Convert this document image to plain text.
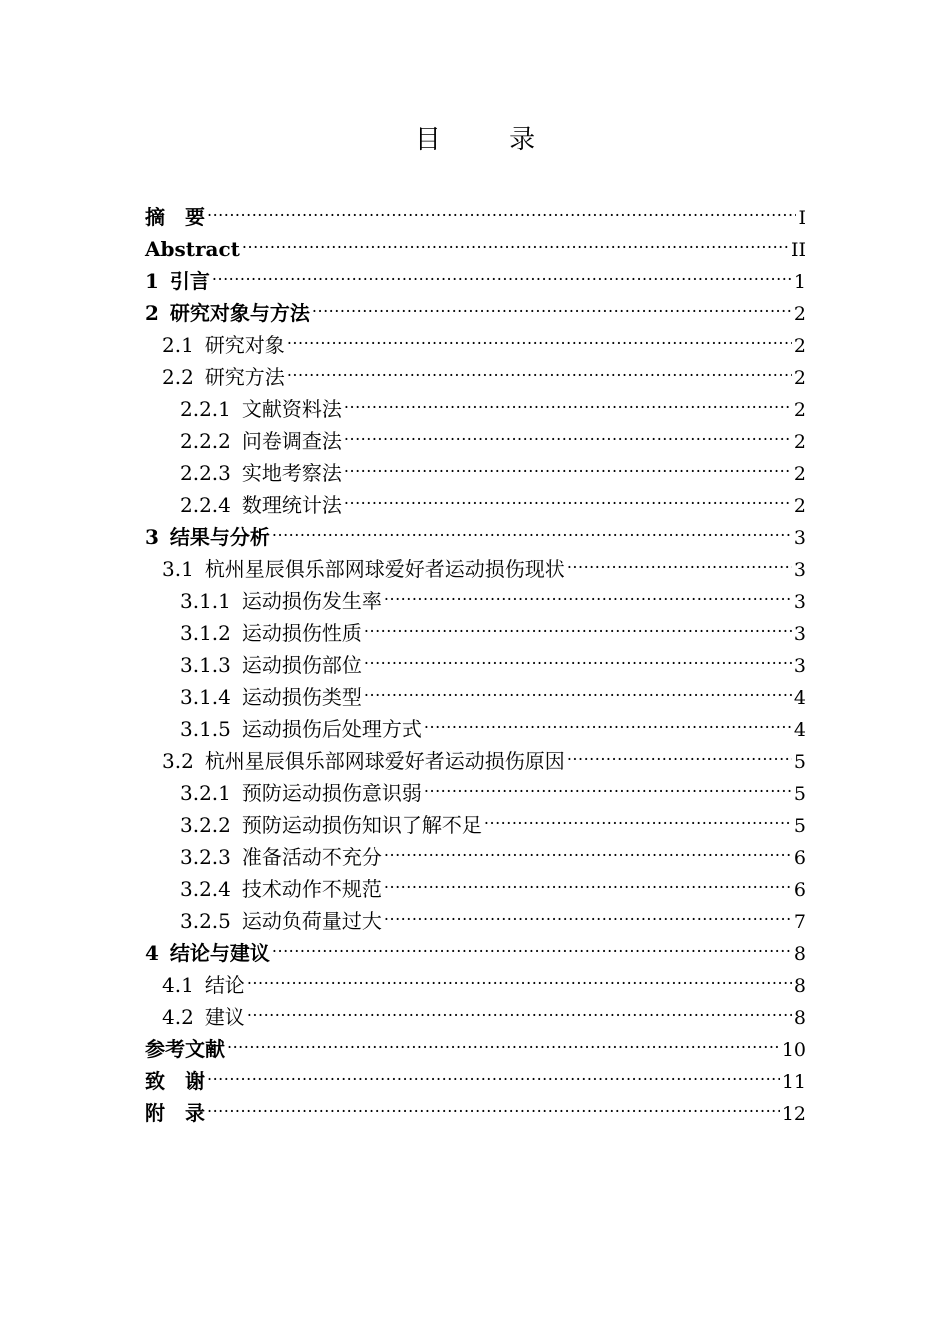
目 录
摘　要 .....	I
Abstract .....	II
1 引言 .....	1
2 研究对象与方法 .....	2
2.1 研究对象 .....	2
2.2 研究方法 .....	2
2.2.1 文献资料法 .....	2
2.2.2 问卷调查法 .....	2
2.2.3 实地考察法 .....	2
2.2.4 数理统计法 .....	2
3 结果与分析 .....	3
3.1 杭州星辰俱乐部网球爱好者运动损伤现状 .....	3
3.1.1 运动损伤发生率 .....	3
3.1.2 运动损伤性质 .....	3
3.1.3 运动损伤部位 .....	3
3.1.4 运动损伤类型 .....	4
3.1.5 运动损伤后处理方式 .....	4
3.2 杭州星辰俱乐部网球爱好者运动损伤原因 .....	5
3.2.1 预防运动损伤意识弱 .....	5
3.2.2 预防运动损伤知识了解不足 .....	5
3.2.3 准备活动不充分 .....	6
3.2.4 技术动作不规范 .....	6
3.2.5 运动负荷量过大 .....	7
4 结论与建议 .....	8
4.1 结论 .....	8
4.2 建议 .....	8
参考文献 .....	10
致　谢 .....	11
附　录 .....	12
